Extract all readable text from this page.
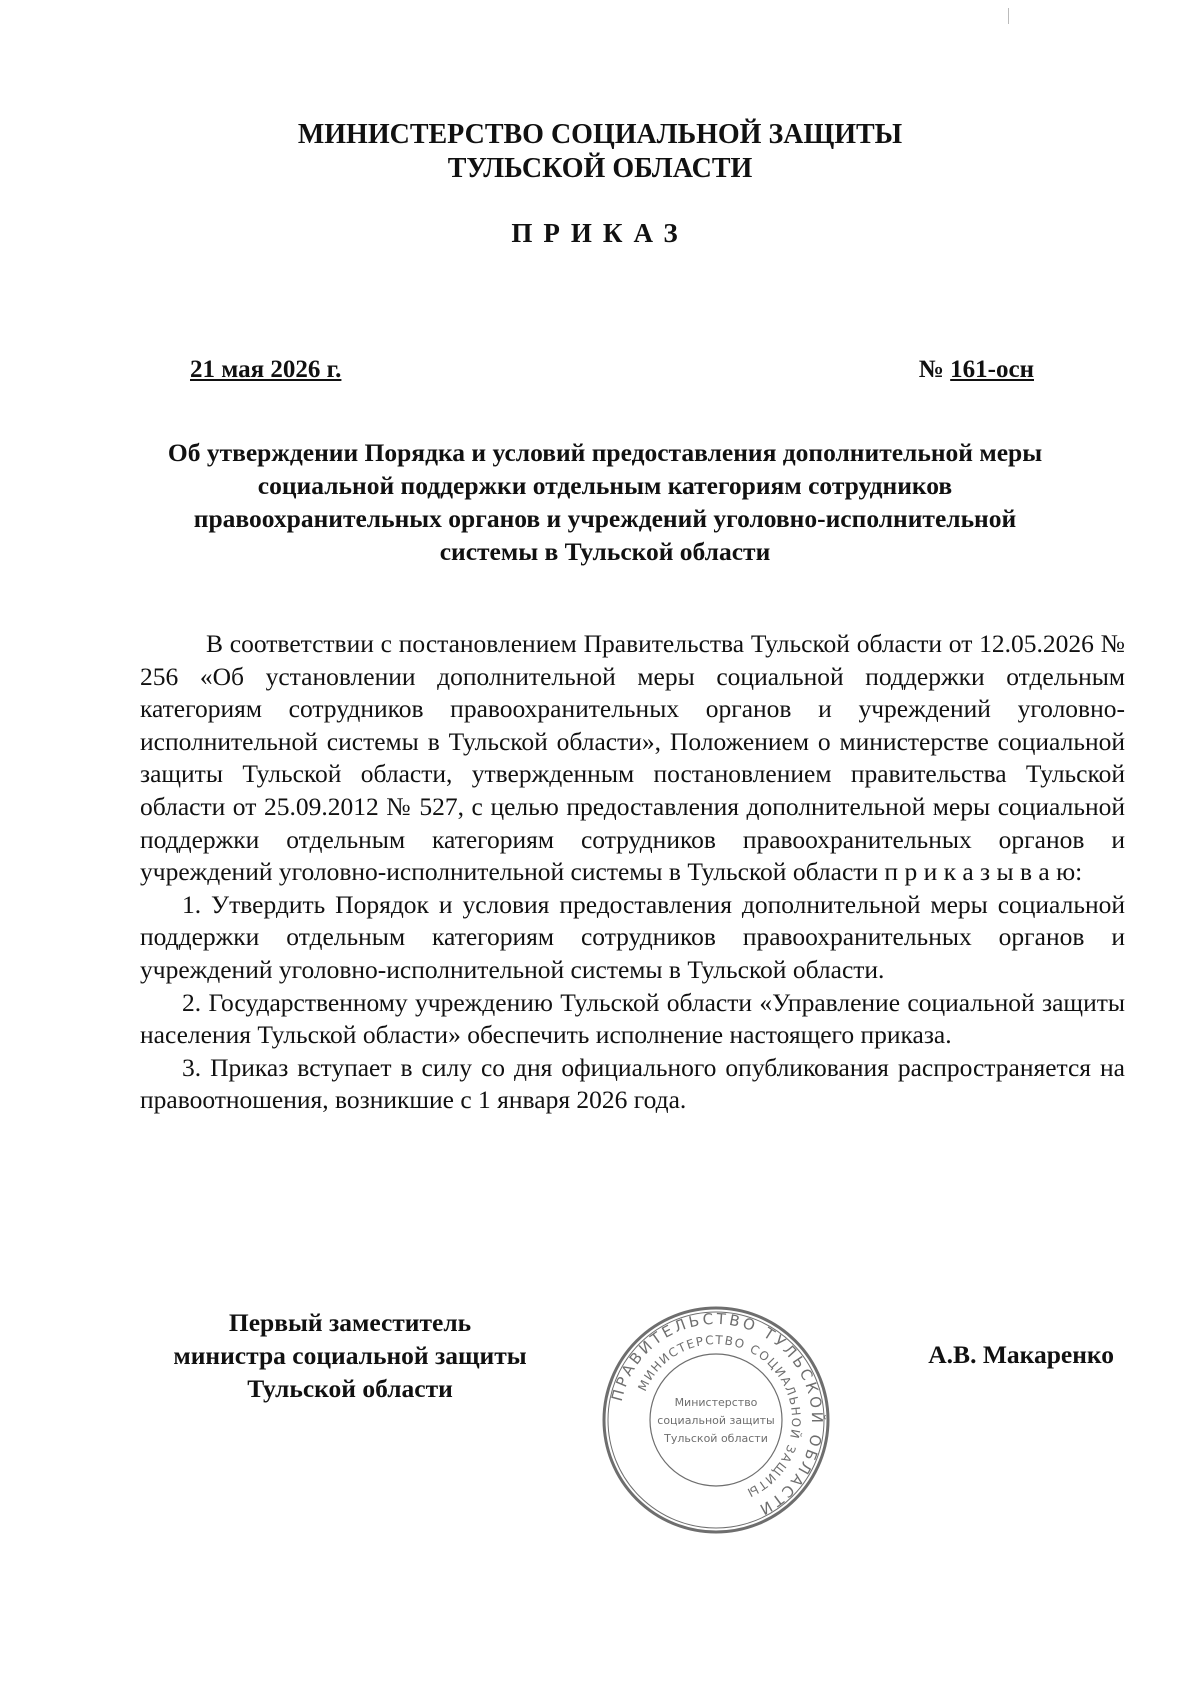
МИНИСТЕРСТВО СОЦИАЛЬНОЙ ЗАЩИТЫ
ТУЛЬСКОЙ ОБЛАСТИ
ПРИКАЗ
21 мая 2026 г.	№ 161-осн
Об утверждении Порядка и условий предоставления дополнительной меры
социальной поддержки отдельным категориям сотрудников
правоохранительных органов и учреждений уголовно-исполнительной
системы в Тульской области

В соответствии с постановлением Правительства Тульской области от 12.05.2026 № 256 «Об установлении дополнительной меры социальной поддержки отдельным категориям сотрудников правоохранительных органов и учреждений уголовно-исполнительной системы в Тульской области», Положением о министерстве социальной защиты Тульской области, утвержденным постановлением правительства Тульской области от 25.09.2012 № 527, с целью предоставления дополнительной меры социальной поддержки отдельным категориям сотрудников правоохранительных органов и учреждений уголовно-исполнительной системы в Тульской области п р и к а з ы в а ю:

1. Утвердить Порядок и условия предоставления дополнительной меры социальной поддержки отдельным категориям сотрудников правоохранительных органов и учреждений уголовно-исполнительной системы в Тульской области.

2. Государственному учреждению Тульской области «Управление социальной защиты населения Тульской области» обеспечить исполнение настоящего приказа.

3. Приказ вступает в силу со дня официального опубликования распространяется на правоотношения, возникшие с 1 января 2026 года.

Первый заместитель
министра социальной защиты
Тульской области	ПРАВИТЕЛЬСТВО ТУЛЬСКОЙ ОБЛАСТИ
МИНИСТЕРСТВО СОЦИАЛЬНОЙ ЗАЩИТЫ
Министерство
социальной защиты
Тульской области
А.В. Макаренко
